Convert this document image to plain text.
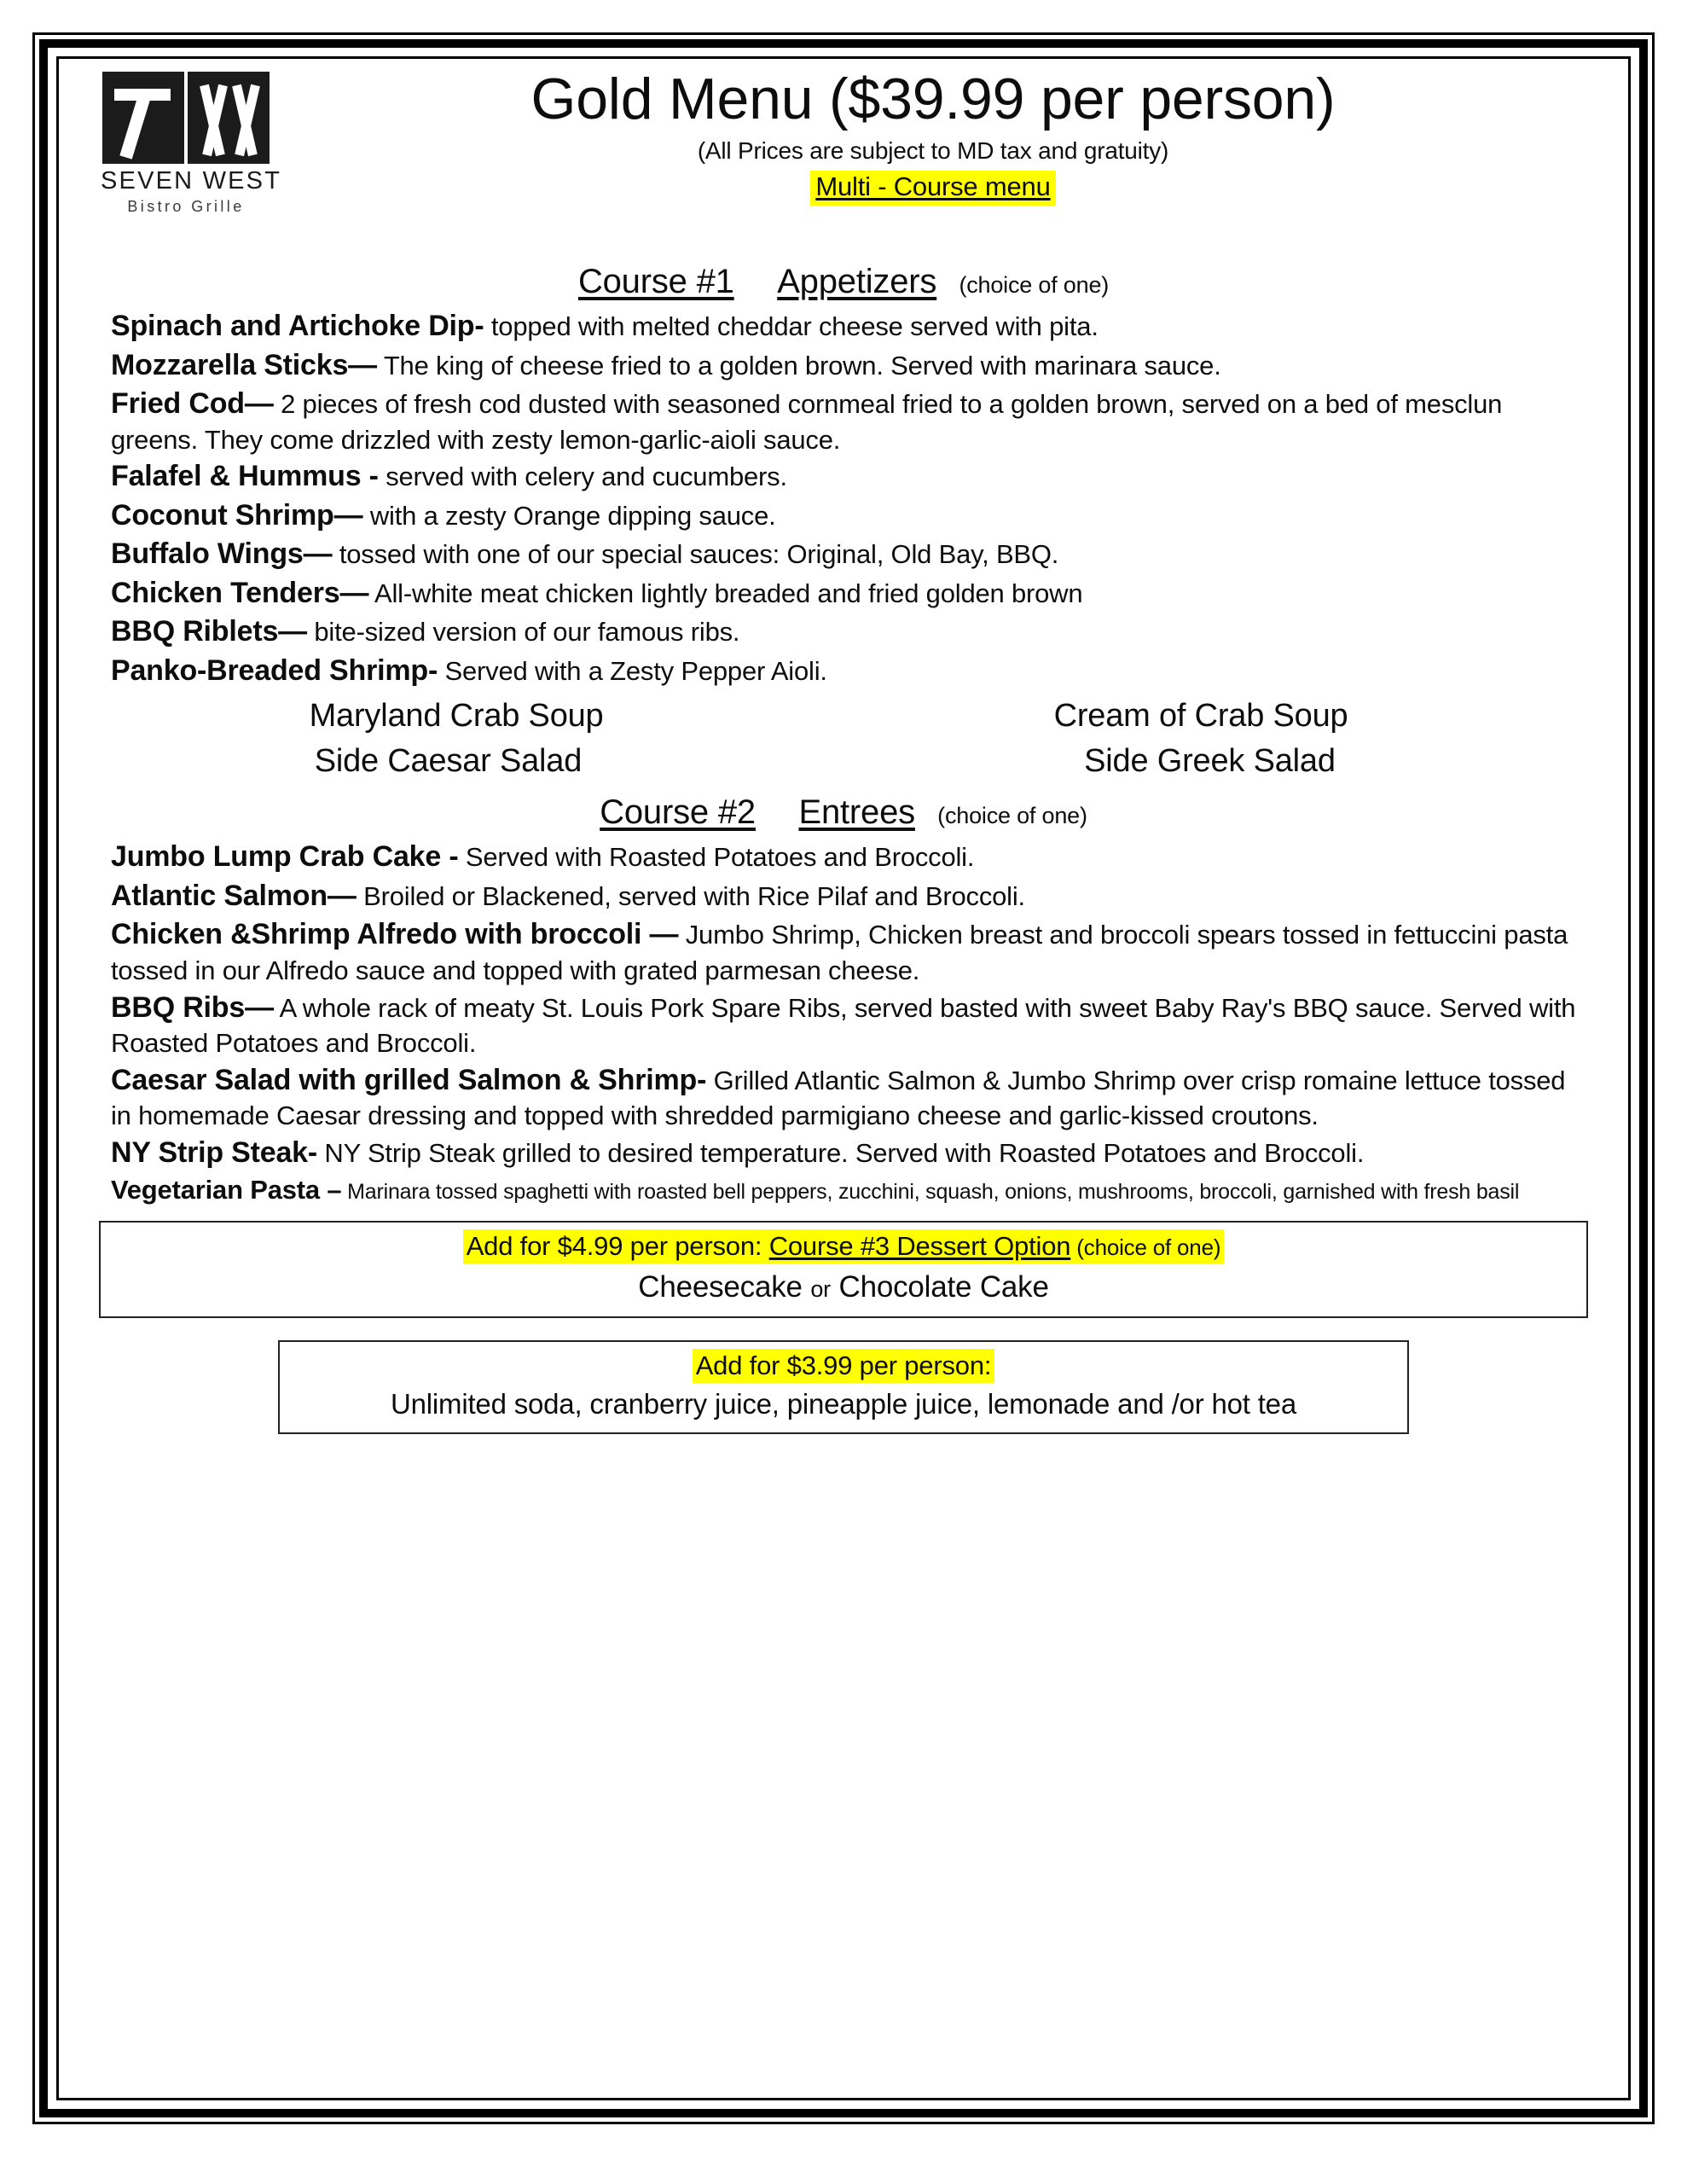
SEVEN WEST
Bistro Grille
Gold Menu ($39.99 per person)
(All Prices are subject to MD tax and gratuity)
Multi - Course menu
Course #1 Appetizers (choice of one)

Spinach and Artichoke Dip- topped with melted cheddar cheese served with pita.

Mozzarella Sticks— The king of cheese fried to a golden brown. Served with marinara sauce.

Fried Cod— 2 pieces of fresh cod dusted with seasoned cornmeal fried to a golden brown, served on a bed of mesclun greens. They come drizzled with zesty lemon-garlic-aioli sauce.

Falafel & Hummus - served with celery and cucumbers.

Coconut Shrimp— with a zesty Orange dipping sauce.

Buffalo Wings— tossed with one of our special sauces: Original, Old Bay, BBQ.

Chicken Tenders— All-white meat chicken lightly breaded and fried golden brown

BBQ Riblets— bite-sized version of our famous ribs.

Panko-Breaded Shrimp- Served with a Zesty Pepper Aioli.

Maryland Crab Soup	Cream of Crab Soup
Side Caesar Salad	Side Greek Salad
Course #2 Entrees (choice of one)

Jumbo Lump Crab Cake - Served with Roasted Potatoes and Broccoli.

Atlantic Salmon— Broiled or Blackened, served with Rice Pilaf and Broccoli.

Chicken &Shrimp Alfredo with broccoli — Jumbo Shrimp, Chicken breast and broccoli spears tossed in fettuccini pasta tossed in our Alfredo sauce and topped with grated parmesan cheese.

BBQ Ribs— A whole rack of meaty St. Louis Pork Spare Ribs, served basted with sweet Baby Ray's BBQ sauce. Served with Roasted Potatoes and Broccoli.

Caesar Salad with grilled Salmon & Shrimp- Grilled Atlantic Salmon & Jumbo Shrimp over crisp romaine lettuce tossed in homemade Caesar dressing and topped with shredded parmigiano cheese and garlic-kissed croutons.

NY Strip Steak- NY Strip Steak grilled to desired temperature. Served with Roasted Potatoes and Broccoli.

Vegetarian Pasta – Marinara tossed spaghetti with roasted bell peppers, zucchini, squash, onions, mushrooms, broccoli, garnished with fresh basil

Add for $4.99 per person: Course #3 Dessert Option (choice of one)
Cheesecake or Chocolate Cake
Add for $3.99 per person:
Unlimited soda, cranberry juice, pineapple juice, lemonade and /or hot tea
